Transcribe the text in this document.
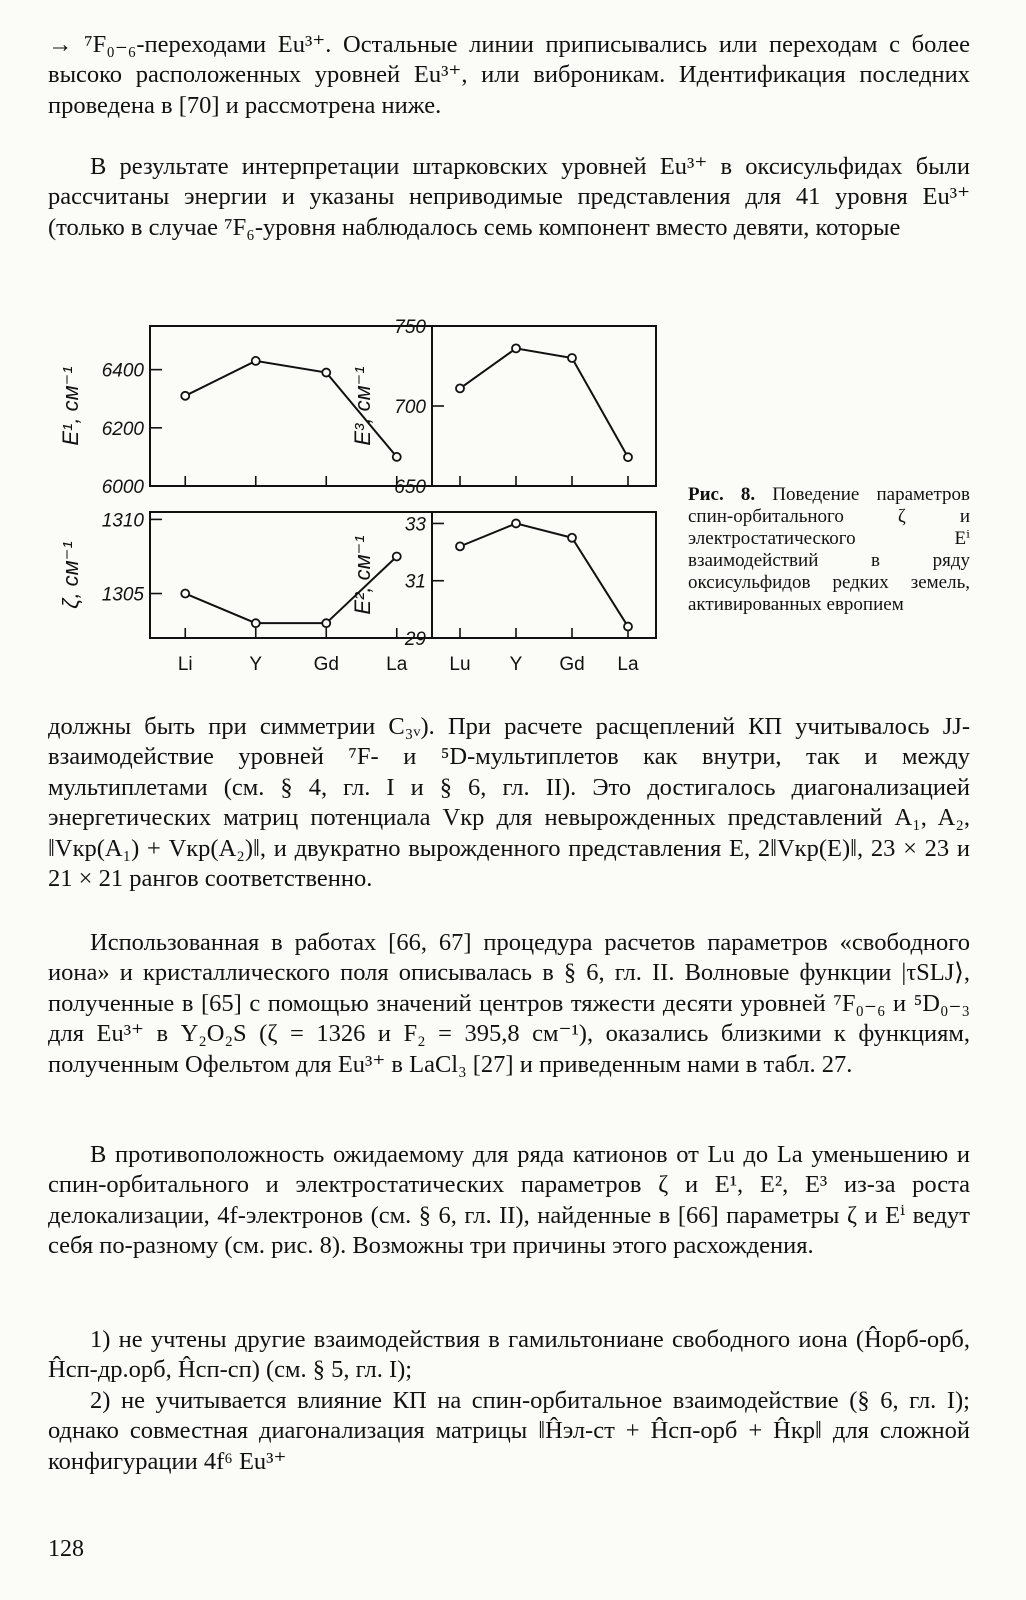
→ ⁷F₀₋₆-переходами Eu³⁺. Остальные линии приписывались или переходам с более высоко расположенных уровней Eu³⁺, или виброникам. Идентификация последних проведена в [70] и рассмотрена ниже.

В результате интерпретации штарковских уровней Eu³⁺ в оксисульфидах были рассчитаны энергии и указаны неприводимые представления для 41 уровня Eu³⁺ (только в случае ⁷F₆-уровня наблюдалось семь компонент вместо девяти, которые

6000
6200
6400
E¹, см⁻¹
650
700
750
E³, см⁻¹
1305
1310
ζ, см⁻¹
Li	Y	Gd La
29
31
33
E², см⁻¹
Lu Y Gd La
Рис. 8. Поведение параметров спин-орбитального ζ и электростатического Eⁱ взаимодействий в ряду оксисульфидов редких земель, активированных европием

должны быть при симметрии C₃ᵥ). При расчете расщеплений КП учитывалось JJ-взаимодействие уровней ⁷F- и ⁵D-мультиплетов как внутри, так и между мультиплетами (см. § 4, гл. I и § 6, гл. II). Это достигалось диагонализацией энергетических матриц потенциала Vкр для невырожденных представлений A₁, A₂, ‖Vкр(A₁) + Vкр(A₂)‖, и двукратно вырожденного представления E, 2‖Vкр(E)‖, 23 × 23 и 21 × 21 рангов соответственно.

Использованная в работах [66, 67] процедура расчетов параметров «свободного иона» и кристаллического поля описывалась в § 6, гл. II. Волновые функции |τSLJ⟩, полученные в [65] с помощью значений центров тяжести десяти уровней ⁷F₀₋₆ и ⁵D₀₋₃ для Eu³⁺ в Y₂O₂S (ζ = 1326 и F₂ = 395,8 см⁻¹), оказались близкими к функциям, полученным Офельтом для Eu³⁺ в LaCl₃ [27] и приведенным нами в табл. 27.

В противоположность ожидаемому для ряда катионов от Lu до La уменьшению и спин-орбитального и электростатических параметров ζ и E¹, E², E³ из-за роста делокализации, 4f-электронов (см. § 6, гл. II), найденные в [66] параметры ζ и Eⁱ ведут себя по-разному (см. рис. 8). Возможны три причины этого расхождения.

1) не учтены другие взаимодействия в гамильтониане свободного иона (Ĥорб-орб, Ĥсп-др.орб, Ĥсп-сп) (см. § 5, гл. I);

2) не учитывается влияние КП на спин-орбитальное взаимодействие (§ 6, гл. I); однако совместная диагонализация матрицы ‖Ĥэл-ст + Ĥсп-орб + Ĥкр‖ для сложной конфигурации 4f⁶ Eu³⁺

128
